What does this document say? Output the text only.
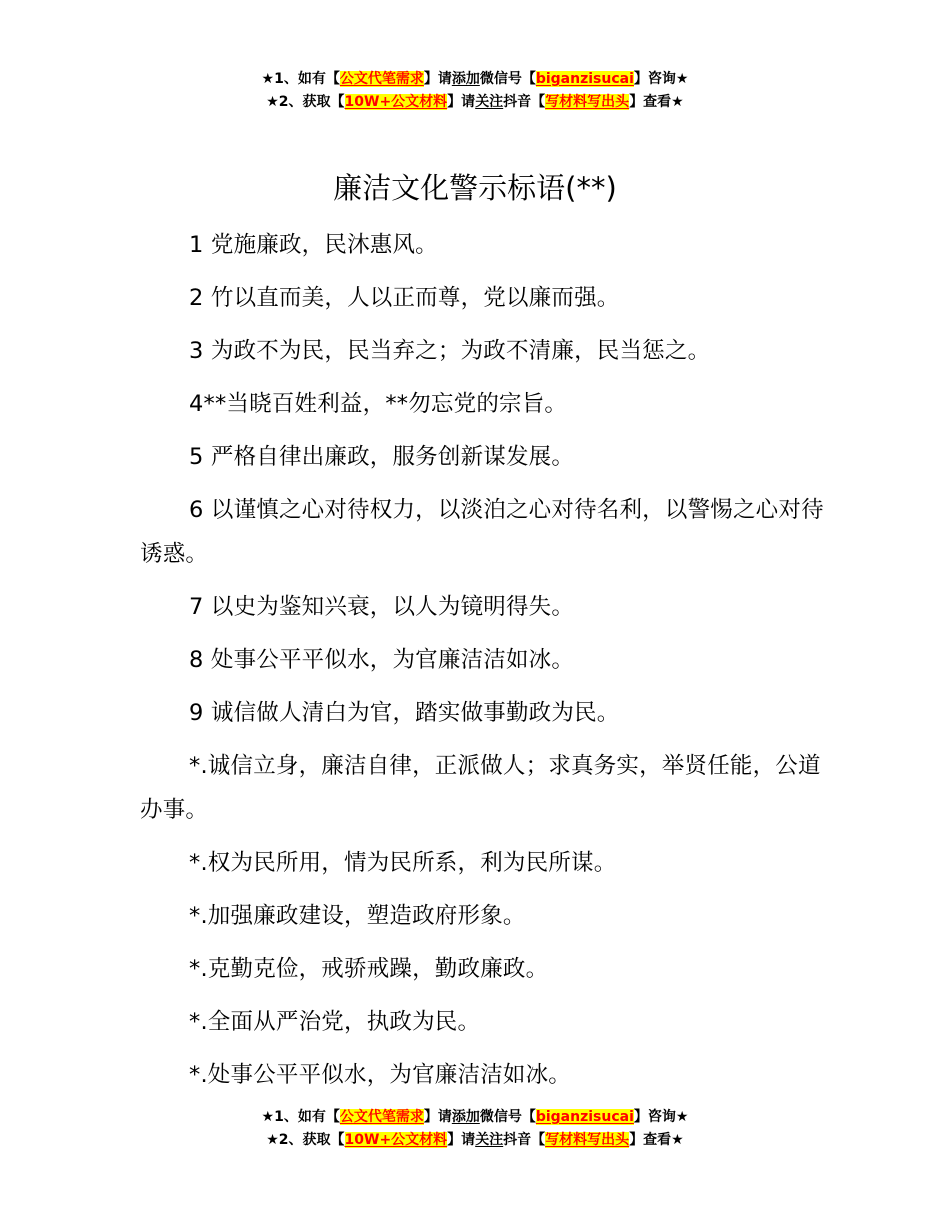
★1、如有【公文代笔需求】请添加微信号【biganzisucai】咨询★
★2、获取【10W+公文材料】请关注抖音【写材料写出头】查看★
廉洁文化警示标语(**)

1 党施廉政，民沐惠风。

2 竹以直而美，人以正而尊，党以廉而强。

3 为政不为民，民当弃之；为政不清廉，民当惩之。

4**当晓百姓利益，**勿忘党的宗旨。

5 严格自律出廉政，服务创新谋发展。

6 以谨慎之心对待权力，以淡泊之心对待名利，以警惕之心对待诱惑。

7 以史为鉴知兴衰，以人为镜明得失。

8 处事公平平似水，为官廉洁洁如冰。

9 诚信做人清白为官，踏实做事勤政为民。

*.诚信立身，廉洁自律，正派做人；求真务实，举贤任能，公道办事。

*.权为民所用，情为民所系，利为民所谋。

*.加强廉政建设，塑造政府形象。

*.克勤克俭，戒骄戒躁，勤政廉政。

*.全面从严治党，执政为民。

*.处事公平平似水，为官廉洁洁如冰。

★1、如有【公文代笔需求】请添加微信号【biganzisucai】咨询★
★2、获取【10W+公文材料】请关注抖音【写材料写出头】查看★
